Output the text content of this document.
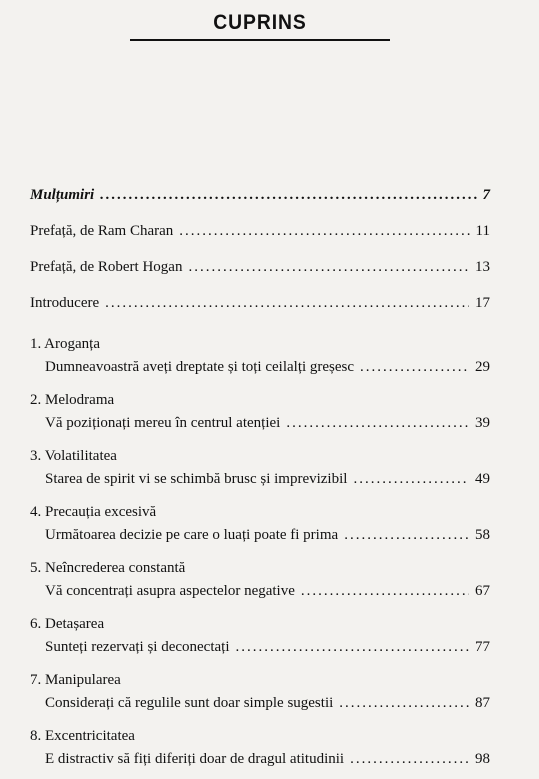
CUPRINS
Mulțumiri .....	7
Prefață, de Ram Charan .....	11
Prefață, de Robert Hogan .....	13
Introducere .....	17
1. Aroganța
Dumneavoastră aveți dreptate și toți ceilalți greșesc .....	29
2. Melodrama
Vă poziționați mereu în centrul atenției .....	39
3. Volatilitatea
Starea de spirit vi se schimbă brusc și imprevizibil .....	49
4. Precauția excesivă
Următoarea decizie pe care o luați poate fi prima .....	58
5. Neîncrederea constantă
Vă concentrați asupra aspectelor negative .....	67
6. Detașarea
Sunteți rezervați și deconectați .....	77
7. Manipularea
Considerați că regulile sunt doar simple sugestii .....	87
8. Excentricitatea
E distractiv să fiți diferiți doar de dragul atitudinii .....	98
